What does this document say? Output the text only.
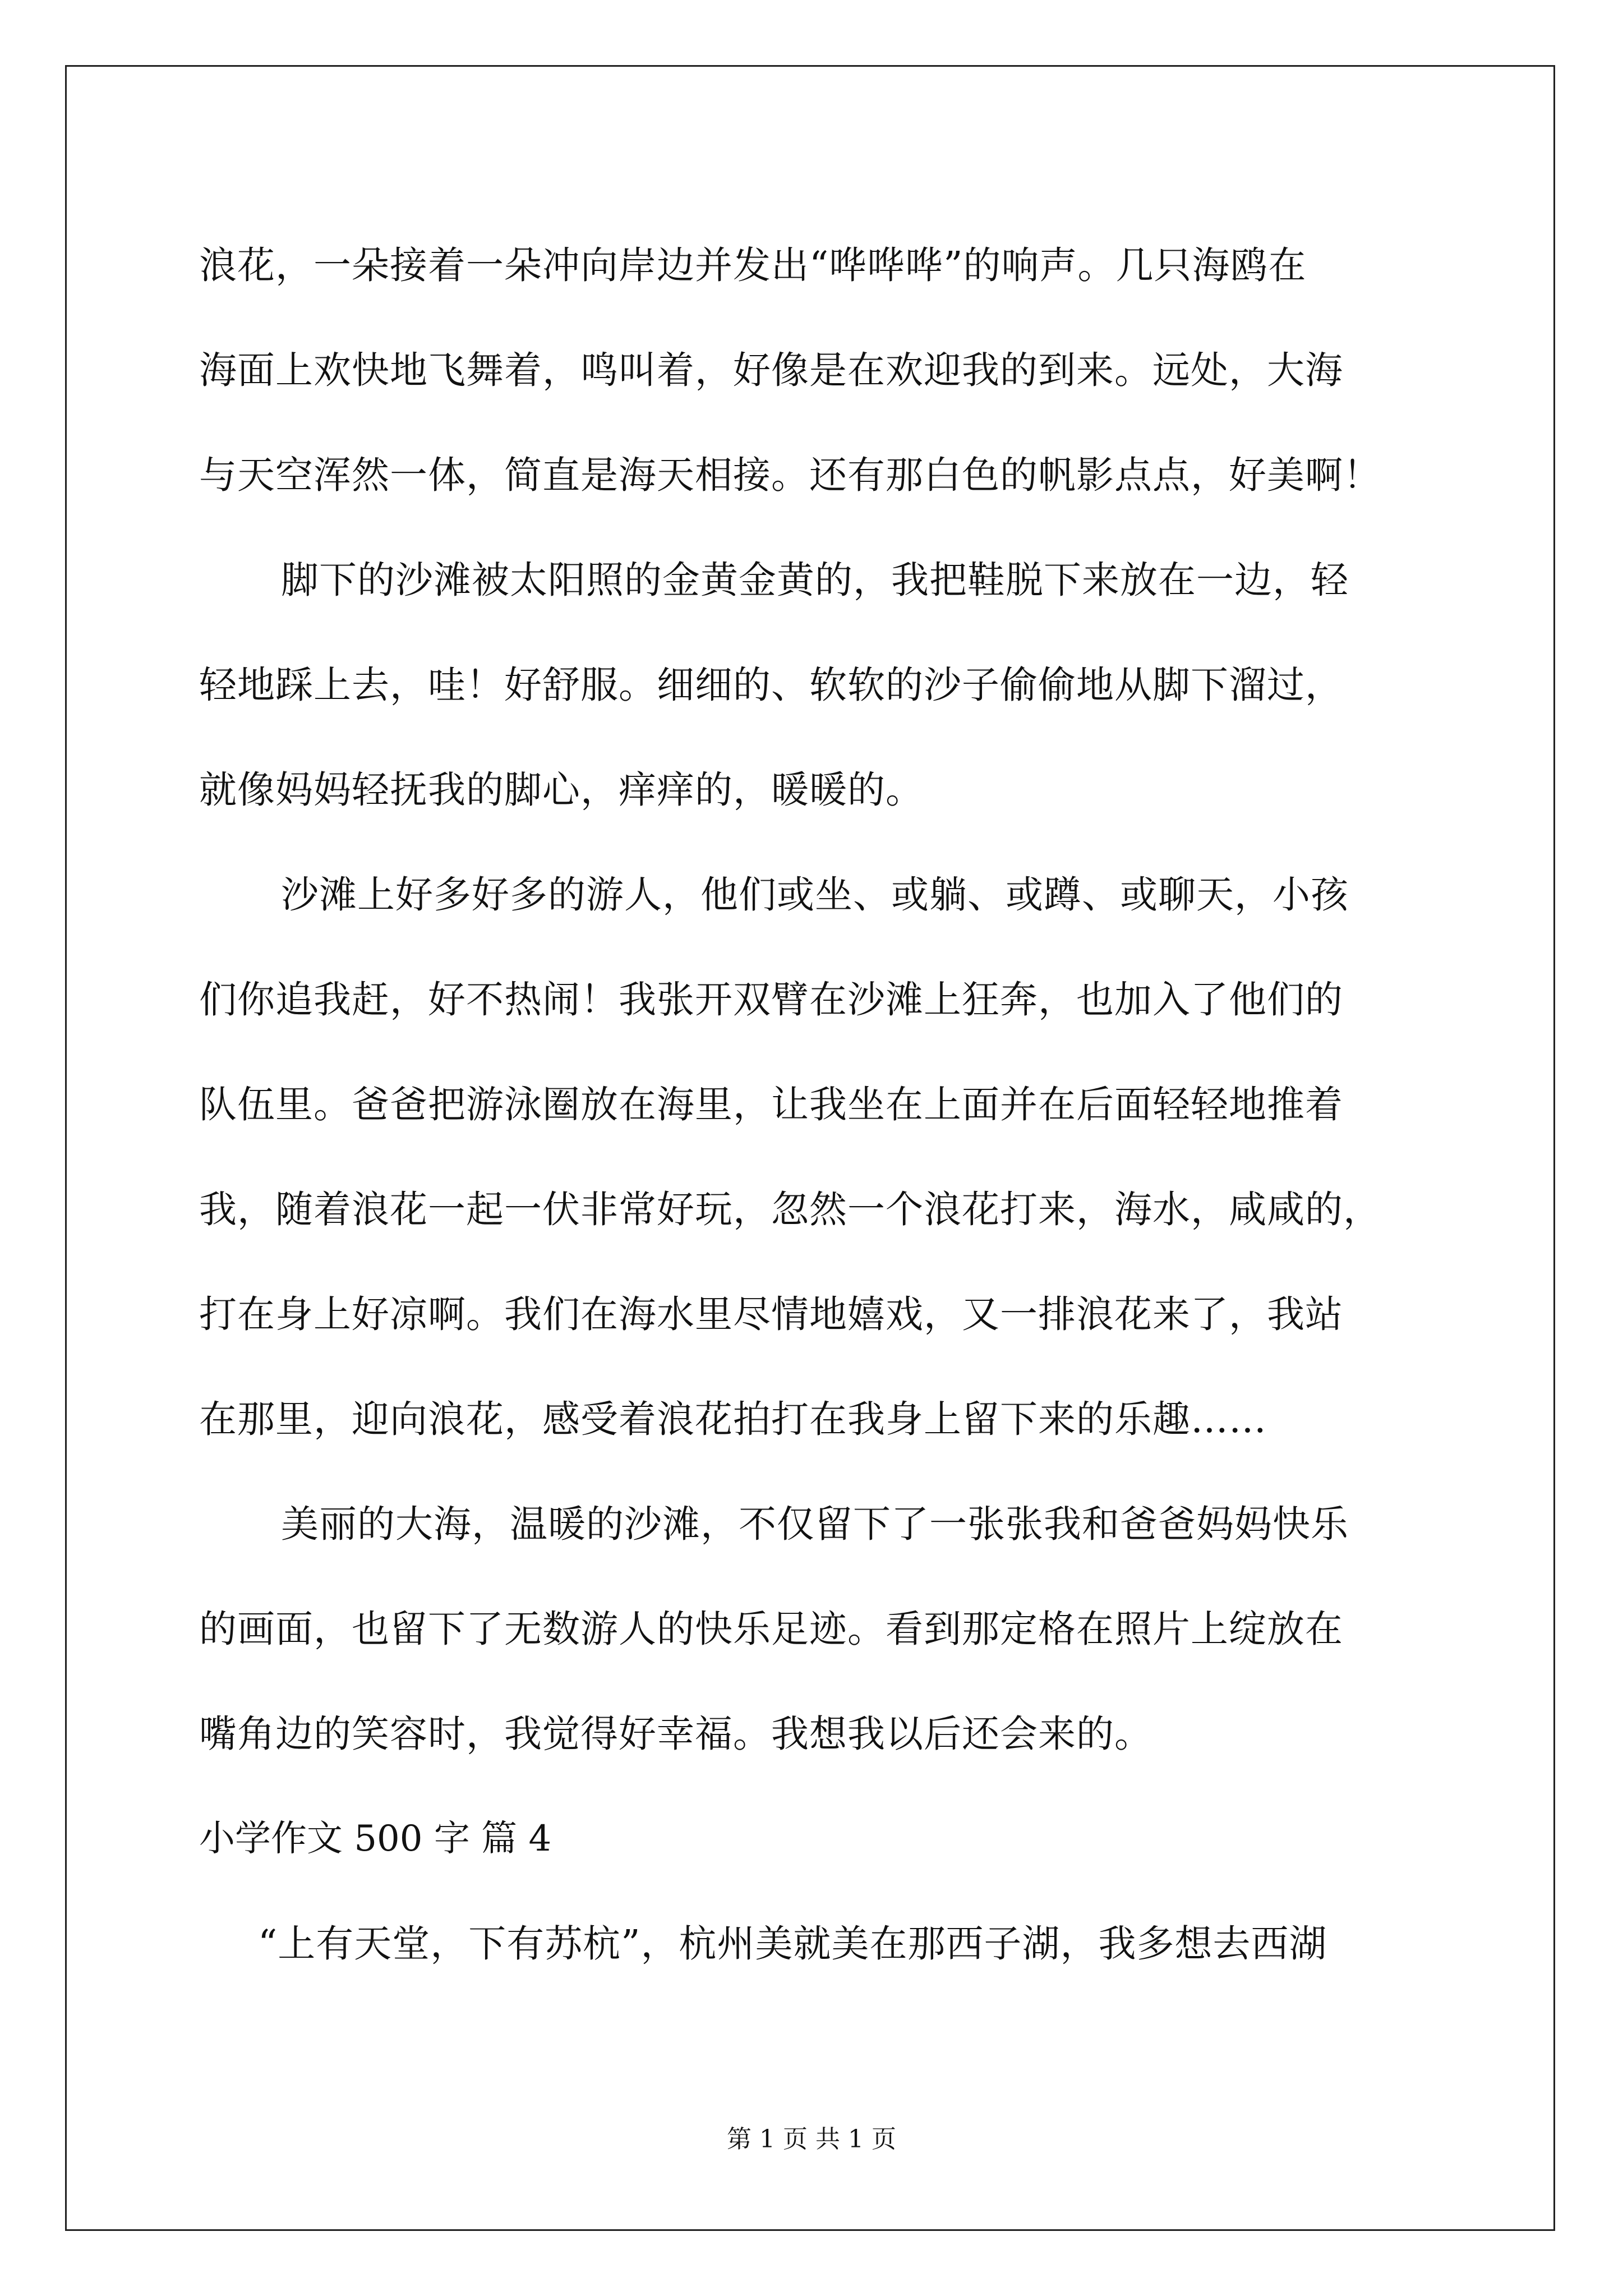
浪花，一朵接着一朵冲向岸边并发出“哗哗哗”的响声。几只海鸥在
海面上欢快地飞舞着，鸣叫着，好像是在欢迎我的到来。远处，大海
与天空浑然一体，简直是海天相接。还有那白色的帆影点点，好美啊！
脚下的沙滩被太阳照的金黄金黄的，我把鞋脱下来放在一边，轻
轻地踩上去，哇！好舒服。细细的、软软的沙子偷偷地从脚下溜过，
就像妈妈轻抚我的脚心，痒痒的，暖暖的。
沙滩上好多好多的游人，他们或坐、或躺、或蹲、或聊天，小孩
们你追我赶，好不热闹！我张开双臂在沙滩上狂奔，也加入了他们的
队伍里。爸爸把游泳圈放在海里，让我坐在上面并在后面轻轻地推着
我，随着浪花一起一伏非常好玩，忽然一个浪花打来，海水，咸咸的，
打在身上好凉啊。我们在海水里尽情地嬉戏，又一排浪花来了，我站
在那里，迎向浪花，感受着浪花拍打在我身上留下来的乐趣……
美丽的大海，温暖的沙滩，不仅留下了一张张我和爸爸妈妈快乐
的画面，也留下了无数游人的快乐足迹。看到那定格在照片上绽放在
嘴角边的笑容时，我觉得好幸福。我想我以后还会来的。
小学作文 500 字 篇 4
“上有天堂，下有苏杭”，杭州美就美在那西子湖，我多想去西湖
第 1 页 共 1 页
